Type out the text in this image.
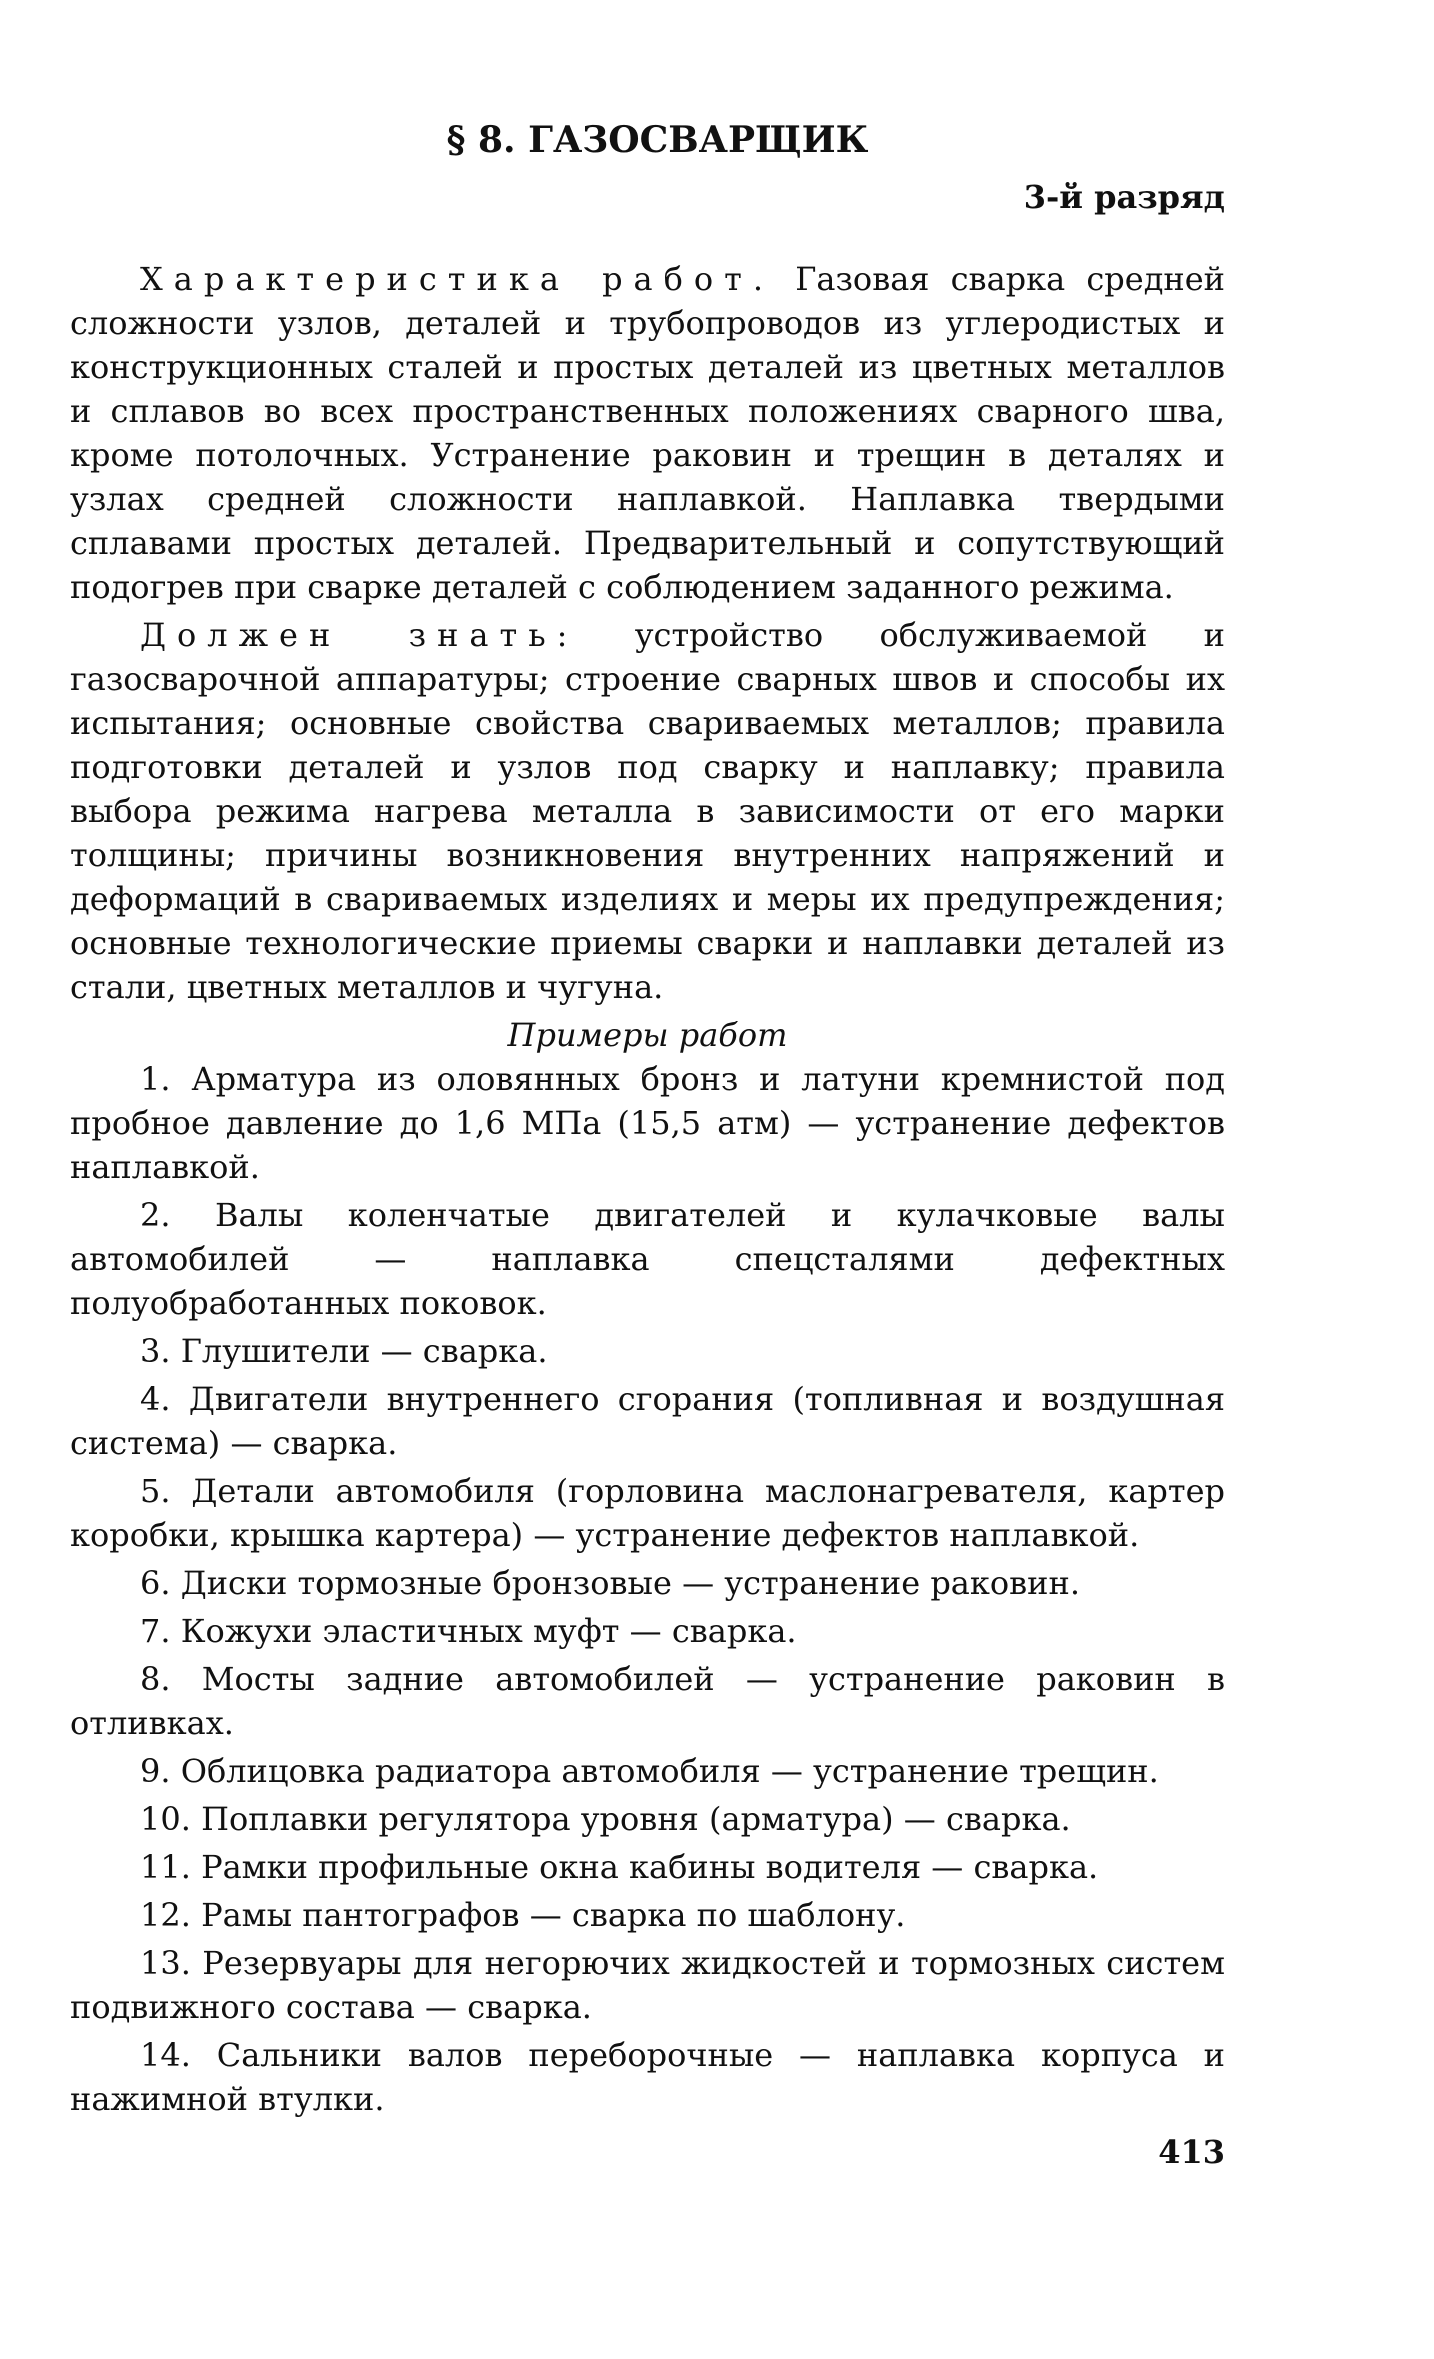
§ 8. ГАЗОСВАРЩИК
3-й разряд

Характеристика работ. Газовая сварка средней сложности узлов, деталей и трубопроводов из углеродистых и конструкционных сталей и простых деталей из цветных металлов и сплавов во всех пространственных положениях сварного шва, кроме потолочных. Устранение раковин и трещин в деталях и узлах средней сложности наплавкой. Наплавка твердыми сплавами простых деталей. Предварительный и сопутствующий подогрев при сварке деталей с соблюдением заданного режима.

Должен знать: устройство обслуживаемой и газосварочной аппаратуры; строение сварных швов и способы их испытания; основные свойства свариваемых металлов; правила подготовки деталей и узлов под сварку и наплавку; правила выбора режима нагрева металла в зависимости от его марки толщины; причины возникновения внутренних напряжений и деформаций в свариваемых изделиях и меры их предупреждения; основные технологические приемы сварки и наплавки деталей из стали, цветных металлов и чугуна.

Примеры работ

1. Арматура из оловянных бронз и латуни кремнистой под пробное давление до 1,6 МПа (15,5 атм) — устранение дефектов наплавкой.

2. Валы коленчатые двигателей и кулачковые валы автомобилей — наплавка спецсталями дефектных полуобработанных поковок.

3. Глушители — сварка.

4. Двигатели внутреннего сгорания (топливная и воздушная система) — сварка.

5. Детали автомобиля (горловина маслонагревателя, картер коробки, крышка картера) — устранение дефектов наплавкой.

6. Диски тормозные бронзовые — устранение раковин.

7. Кожухи эластичных муфт — сварка.

8. Мосты задние автомобилей — устранение раковин в отливках.

9. Облицовка радиатора автомобиля — устранение трещин.

10. Поплавки регулятора уровня (арматура) — сварка.

11. Рамки профильные окна кабины водителя — сварка.

12. Рамы пантографов — сварка по шаблону.

13. Резервуары для негорючих жидкостей и тормозных систем подвижного состава — сварка.

14. Сальники валов переборочные — наплавка корпуса и нажимной втулки.

413
